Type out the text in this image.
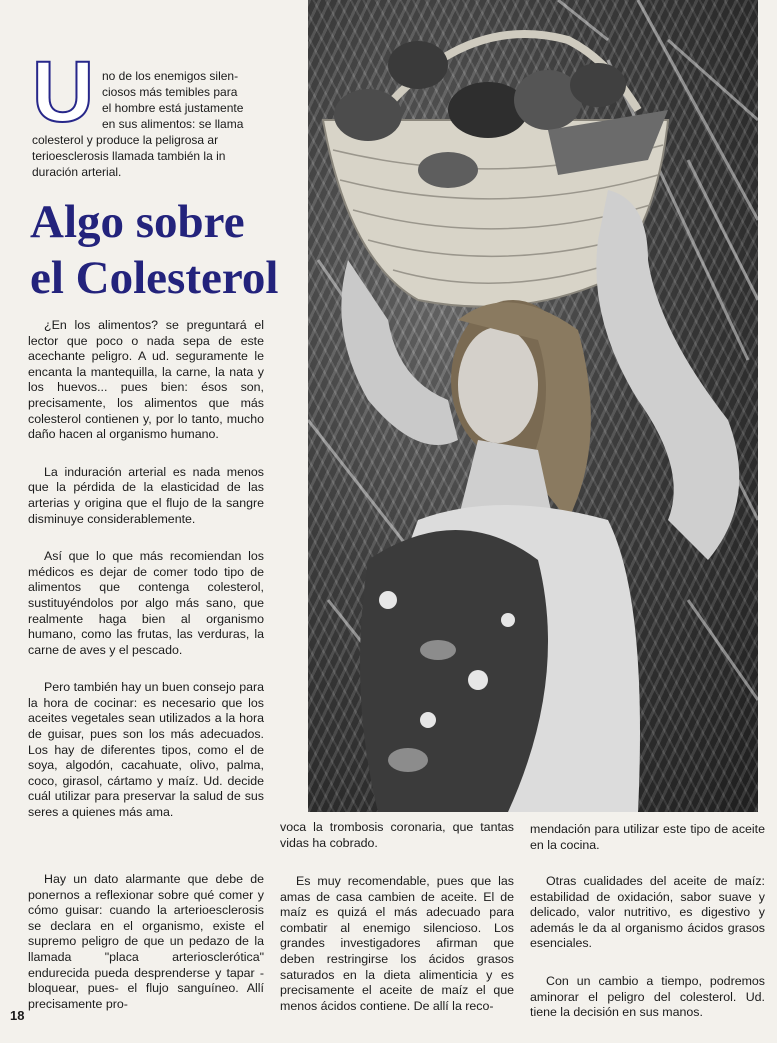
U no de los enemigos silen-
ciosos más temibles para
el hombre está justamente
en sus alimentos: se llama
colesterol y produce la peligrosa ar
terioesclerosis llamada también la in
duración arterial.
Algo sobre
el Colesterol

¿En los alimentos? se preguntará el lector que poco o nada sepa de este acechante peligro. A ud. seguramente le encanta la mantequilla, la carne, la nata y los huevos... pues bien: ésos son, precisamente, los alimentos que más colesterol contienen y, por lo tanto, mucho daño hacen al organismo humano.

La induración arterial es nada menos que la pérdida de la elasticidad de las arterias y origina que el flujo de la sangre disminuye considerablemente.

Así que lo que más recomiendan los médicos es dejar de comer todo tipo de alimentos que contenga colesterol, sustituyéndolos por algo más sano, que realmente haga bien al organismo humano, como las frutas, las verduras, la carne de aves y el pescado.

Pero también hay un buen consejo para la hora de cocinar: es necesario que los aceites vegetales sean utilizados a la hora de guisar, pues son los más adecuados. Los hay de diferentes tipos, como el de soya, algodón, cacahuate, olivo, palma, coco, girasol, cártamo y maíz. Ud. decide cuál utilizar para preservar la salud de sus seres a quienes más ama.

Hay un dato alarmante que debe de ponernos a reflexionar sobre qué comer y cómo guisar: cuando la arterioesclerosis se declara en el organismo, existe el supremo peligro de que un pedazo de la llamada "placa arteriosclerótica" endurecida pueda desprenderse y tapar -bloquear, pues- el flujo sanguíneo. Allí precisamente pro-

voca la trombosis coronaria, que tantas vidas ha cobrado.

Es muy recomendable, pues que las amas de casa cambien de aceite. El de maíz es quizá el más adecuado para combatir al enemigo silencioso. Los grandes investigadores afirman que deben restringirse los ácidos grasos saturados en la dieta alimenticia y es precisamente el aceite de maíz el que menos ácidos contiene. De allí la reco-

mendación para utilizar este tipo de aceite en la cocina.

Otras cualidades del aceite de maíz: estabilidad de oxidación, sabor suave y delicado, valor nutritivo, es digestivo y además le da al organismo ácidos grasos esenciales.

Con un cambio a tiempo, podremos aminorar el peligro del colesterol. Ud. tiene la decisión en sus manos.

18
